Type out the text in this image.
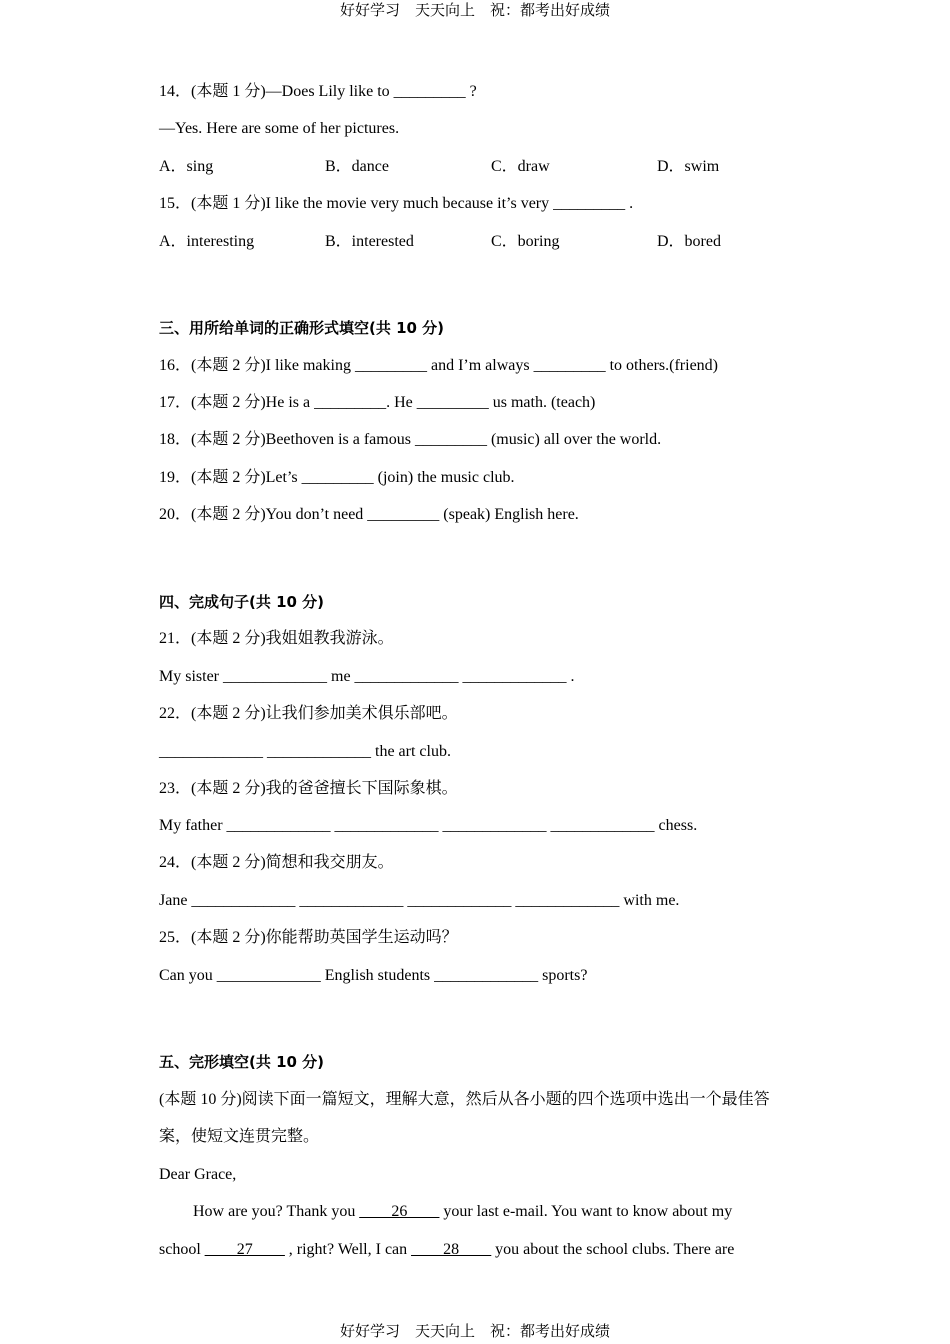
好好学习　天天向上　祝：都考出好成绩
14．(本题 1 分)—Does Lily like to _________ ?
—Yes. Here are some of her pictures.
A．sing	B．dance	C．draw	D．swim
15．(本题 1 分)I like the movie very much because it’s very _________ .
A．interesting	B．interested	C．boring	D．bored
三、用所给单词的正确形式填空(共 10 分)
16．(本题 2 分)I like making _________ and I’m always _________ to others.(friend)
17．(本题 2 分)He is a _________. He _________ us math. (teach)
18．(本题 2 分)Beethoven is a famous _________ (music) all over the world.
19．(本题 2 分)Let’s _________ (join) the music club.
20．(本题 2 分)You don’t need _________ (speak) English here.
四、完成句子(共 10 分)
21．(本题 2 分)我姐姐教我游泳。
My sister _____________ me _____________ _____________ .
22．(本题 2 分)让我们参加美术俱乐部吧。
_____________ _____________ the art club.
23．(本题 2 分)我的爸爸擅长下国际象棋。
My father _____________ _____________ _____________ _____________ chess.
24．(本题 2 分)简想和我交朋友。
Jane _____________ _____________ _____________ _____________ with me.
25．(本题 2 分)你能帮助英国学生运动吗？
Can you _____________ English students _____________ sports?
五、完形填空(共 10 分)
(本题 10 分)阅读下面一篇短文，理解大意，然后从各小题的四个选项中选出一个最佳答
案，使短文连贯完整。
Dear Grace,
How are you? Thank you ____26____ your last e-mail. You want to know about my
school ____27____ , right? Well, I can ____28____ you about the school clubs. There are
好好学习　天天向上　祝：都考出好成绩
